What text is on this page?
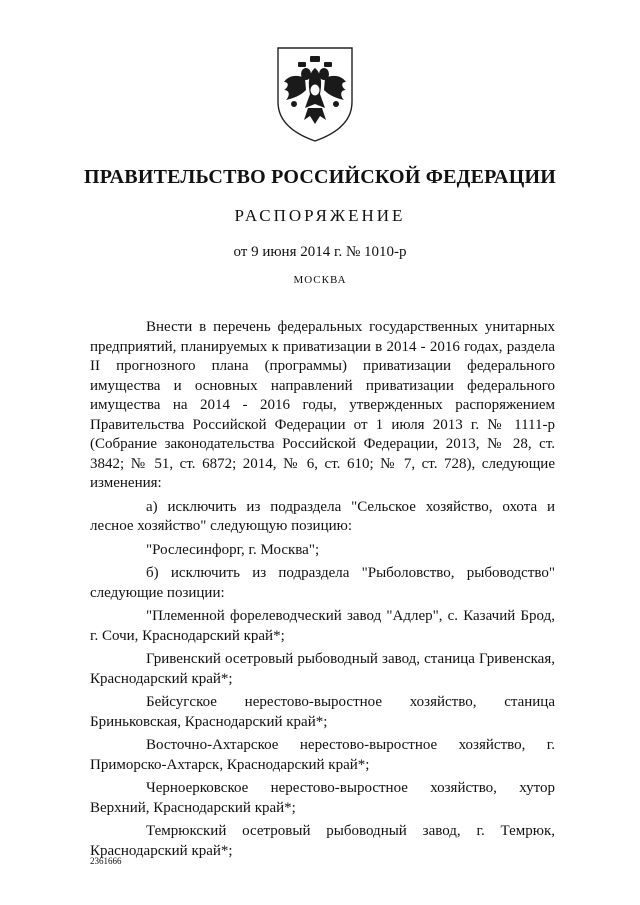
ПРАВИТЕЛЬСТВО РОССИЙСКОЙ ФЕДЕРАЦИИ
РАСПОРЯЖЕНИЕ
от 9 июня 2014 г. № 1010-р
МОСКВА

Внести в перечень федеральных государственных унитарных предприятий, планируемых к приватизации в 2014 - 2016 годах, раздела II прогнозного плана (программы) приватизации федерального имущества и основных направлений приватизации федерального имущества на 2014 - 2016 годы, утвержденных распоряжением Правительства Российской Федерации от 1 июля 2013 г. № 1111-р (Собрание законодательства Российской Федерации, 2013, № 28, ст. 3842; № 51, ст. 6872; 2014, № 6, ст. 610; № 7, ст. 728), следующие изменения:

а) исключить из подраздела "Сельское хозяйство, охота и лесное хозяйство" следующую позицию:

"Рослесинфорг, г. Москва";

б) исключить из подраздела "Рыболовство, рыбоводство" следующие позиции:

"Племенной форелеводческий завод "Адлер", с. Казачий Брод, г. Сочи, Краснодарский край*;

Гривенский осетровый рыбоводный завод, станица Гривенская, Краснодарский край*;

Бейсугское нерестово-выростное хозяйство, станица Бриньковская, Краснодарский край*;

Восточно-Ахтарское нерестово-выростное хозяйство, г. Приморско-Ахтарск, Краснодарский край*;

Черноерковское нерестово-выростное хозяйство, хутор Верхний, Краснодарский край*;

Темрюкский осетровый рыбоводный завод, г. Темрюк, Краснодарский край*;

2361666
